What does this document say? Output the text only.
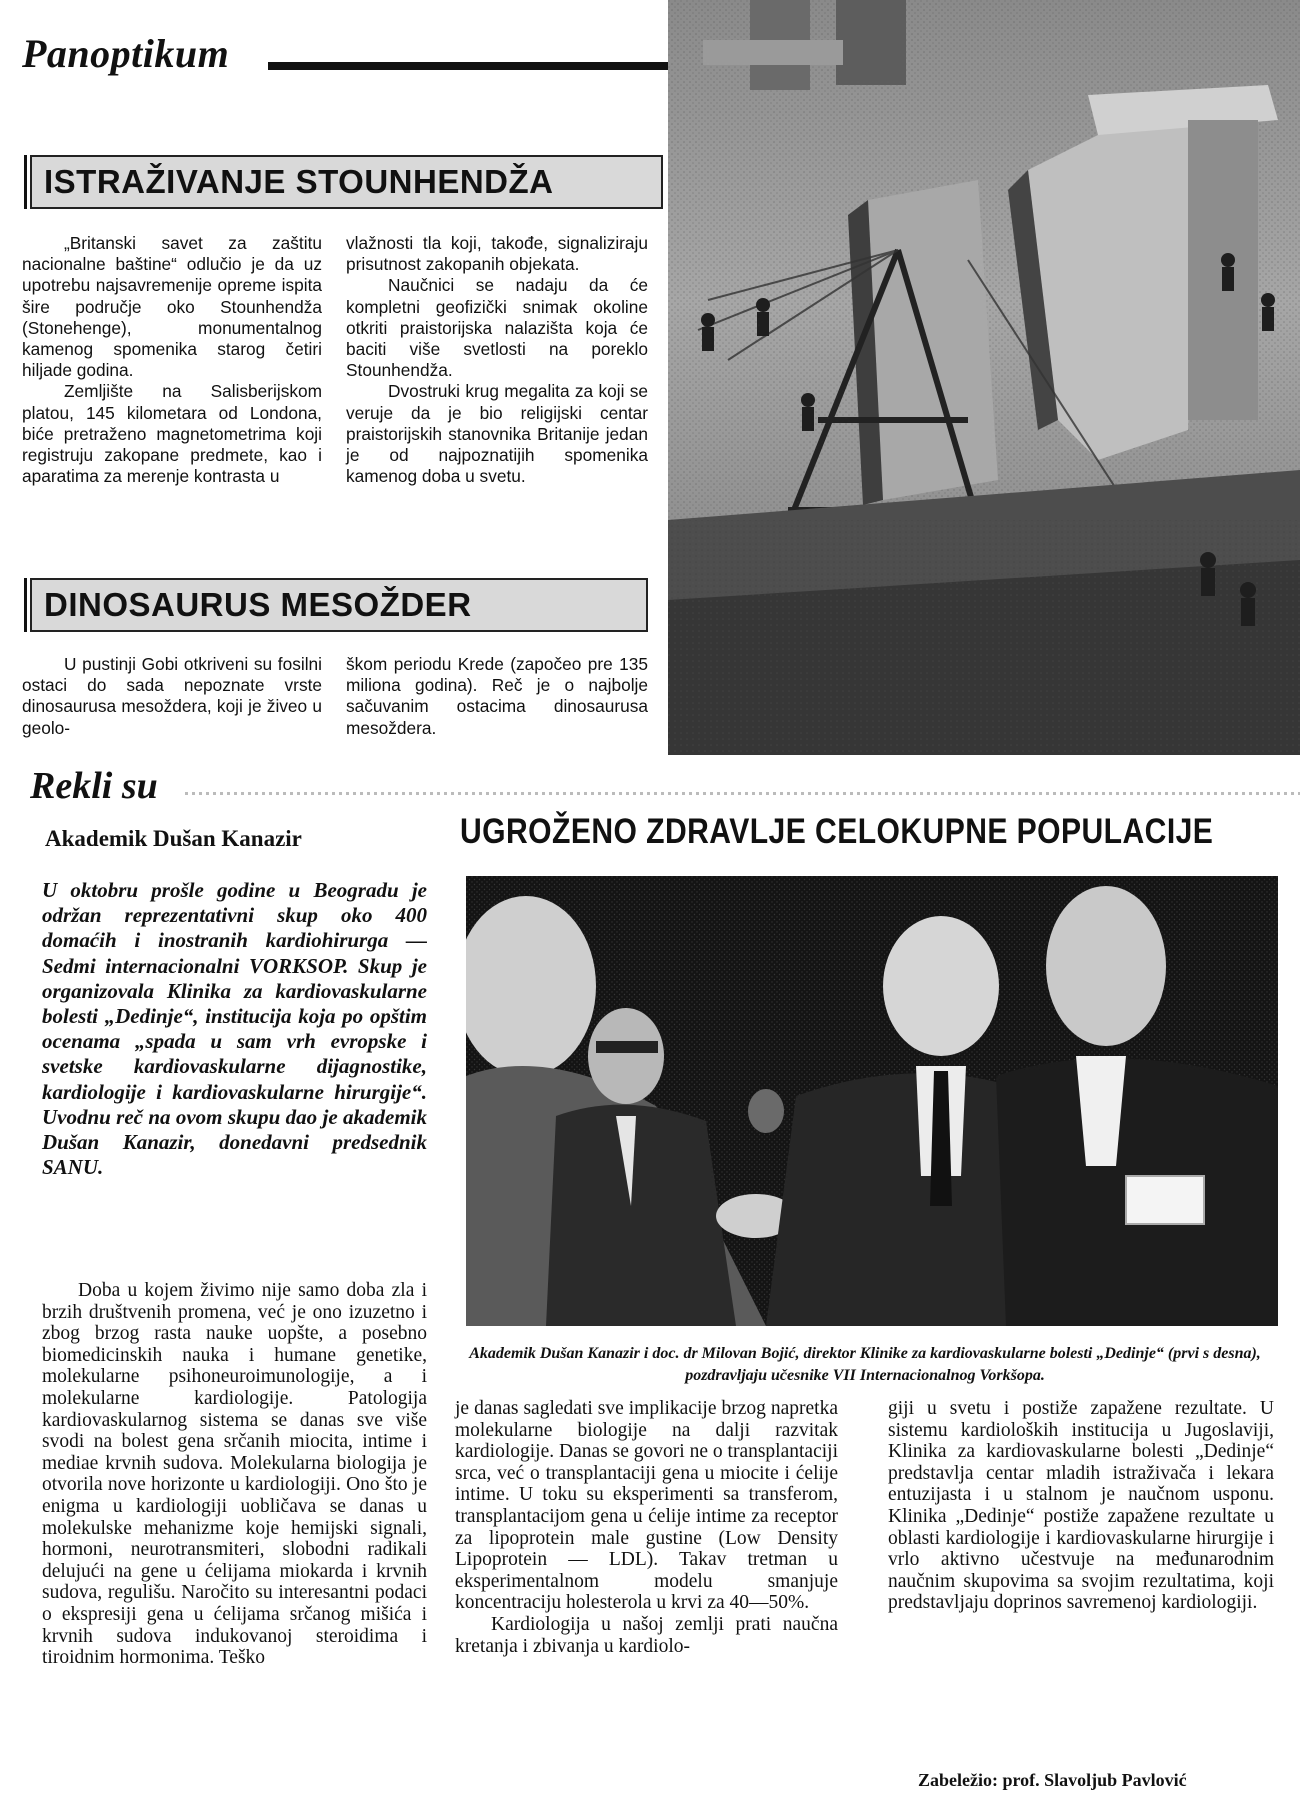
Panoptikum
ISTRAŽIVANJE STOUNHENDŽA

„Britanski savet za zaštitu nacionalne baštine“ odlučio je da uz upotrebu najsavremenije opreme ispita šire područje oko Stounhendža (Stonehenge), monumentalnog kamenog spomenika starog četiri hiljade godina.

Zemljište na Salisberijskom platou, 145 kilometara od Londona, biće pretraženo magnetometrima koji registruju zakopane predmete, kao i aparatima za merenje kontrasta u

vlažnosti tla koji, takođe, signaliziraju prisutnost zakopanih objekata.

Naučnici se nadaju da će kompletni geofizički snimak okoline otkriti praistorijska nalazišta koja će baciti više svetlosti na poreklo Stounhendža.

Dvostruki krug megalita za koji se veruje da je bio religijski centar praistorijskih stanovnika Britanije jedan je od najpoznatijih spomenika kamenog doba u svetu.

DINOSAURUS MESOŽDER

U pustinji Gobi otkriveni su fosilni ostaci do sada nepoznate vrste dinosaurusa mesoždera, koji je živeo u geolo-

škom periodu Krede (započeo pre 135 miliona godina). Reč je o najbolje sačuvanim ostacima dinosaurusa mesoždera.

Rekli su
Akademik Dušan Kanazir	UGROŽENO ZDRAVLJE CELOKUPNE POPULACIJE

U oktobru prošle godine u Beogradu je održan reprezentativni skup oko 400 domaćih i inostranih kardiohirurga — Sedmi internacionalni VORKSOP. Skup je organizovala Klinika za kardiovaskularne bolesti „Dedinje“, institucija koja po opštim ocenama „spada u sam vrh evropske i svetske kardiovaskularne dijagnostike, kardiologije i kardiovaskularne hirurgije“. Uvodnu reč na ovom skupu dao je akademik Dušan Kanazir, donedavni predsednik SANU.

Akademik Dušan Kanazir i doc. dr Milovan Bojić, direktor Klinike za kardiovaskularne bolesti „Dedinje“ (prvi s desna), pozdravljaju učesnike VII Internacionalnog Vorkšopa.

Doba u kojem živimo nije samo doba zla i brzih društvenih promena, već je ono izuzetno i zbog brzog rasta nauke uopšte, a posebno biomedicinskih nauka i humane genetike, molekularne psihoneuroimunologije, a i molekularne kardiologije. Patologija kardiovaskularnog sistema se danas sve više svodi na bolest gena srčanih miocita, intime i mediae krvnih sudova. Molekularna biologija je otvorila nove horizonte u kardiologiji. Ono što je enigma u kardiologiji uobličava se danas u molekulske mehanizme koje hemijski signali, hormoni, neurotransmiteri, slobodni radikali delujući na gene u ćelijama miokarda i krvnih sudova, regulišu. Naročito su interesantni podaci o ekspresiji gena u ćelijama srčanog mišića i krvnih sudova indukovanoj steroidima i tiroidnim hormonima. Teško

je danas sagledati sve implikacije brzog napretka molekularne biologije na dalji razvitak kardiologije. Danas se govori ne o transplantaciji srca, već o transplantaciji gena u miocite i ćelije intime. U toku su eksperimenti sa transferom, transplantacijom gena u ćelije intime za receptor za lipoprotein male gustine (Low Density Lipoprotein — LDL). Takav tretman u eksperimentalnom modelu smanjuje koncentraciju holesterola u krvi za 40—50%.

Kardiologija u našoj zemlji prati naučna kretanja i zbivanja u kardiolo-

giji u svetu i postiže zapažene rezultate. U sistemu kardioloških institucija u Jugoslaviji, Klinika za kardiovaskularne bolesti „Dedinje“ predstavlja centar mladih istraživača i lekara entuzijasta i u stalnom je naučnom usponu. Klinika „Dedinje“ postiže zapažene rezultate u oblasti kardiologije i kardiovaskularne hirurgije i vrlo aktivno učestvuje na međunarodnim naučnim skupovima sa svojim rezultatima, koji predstavljaju doprinos savremenoj kardiologiji.

Zabeležio: prof. Slavoljub Pavlović
